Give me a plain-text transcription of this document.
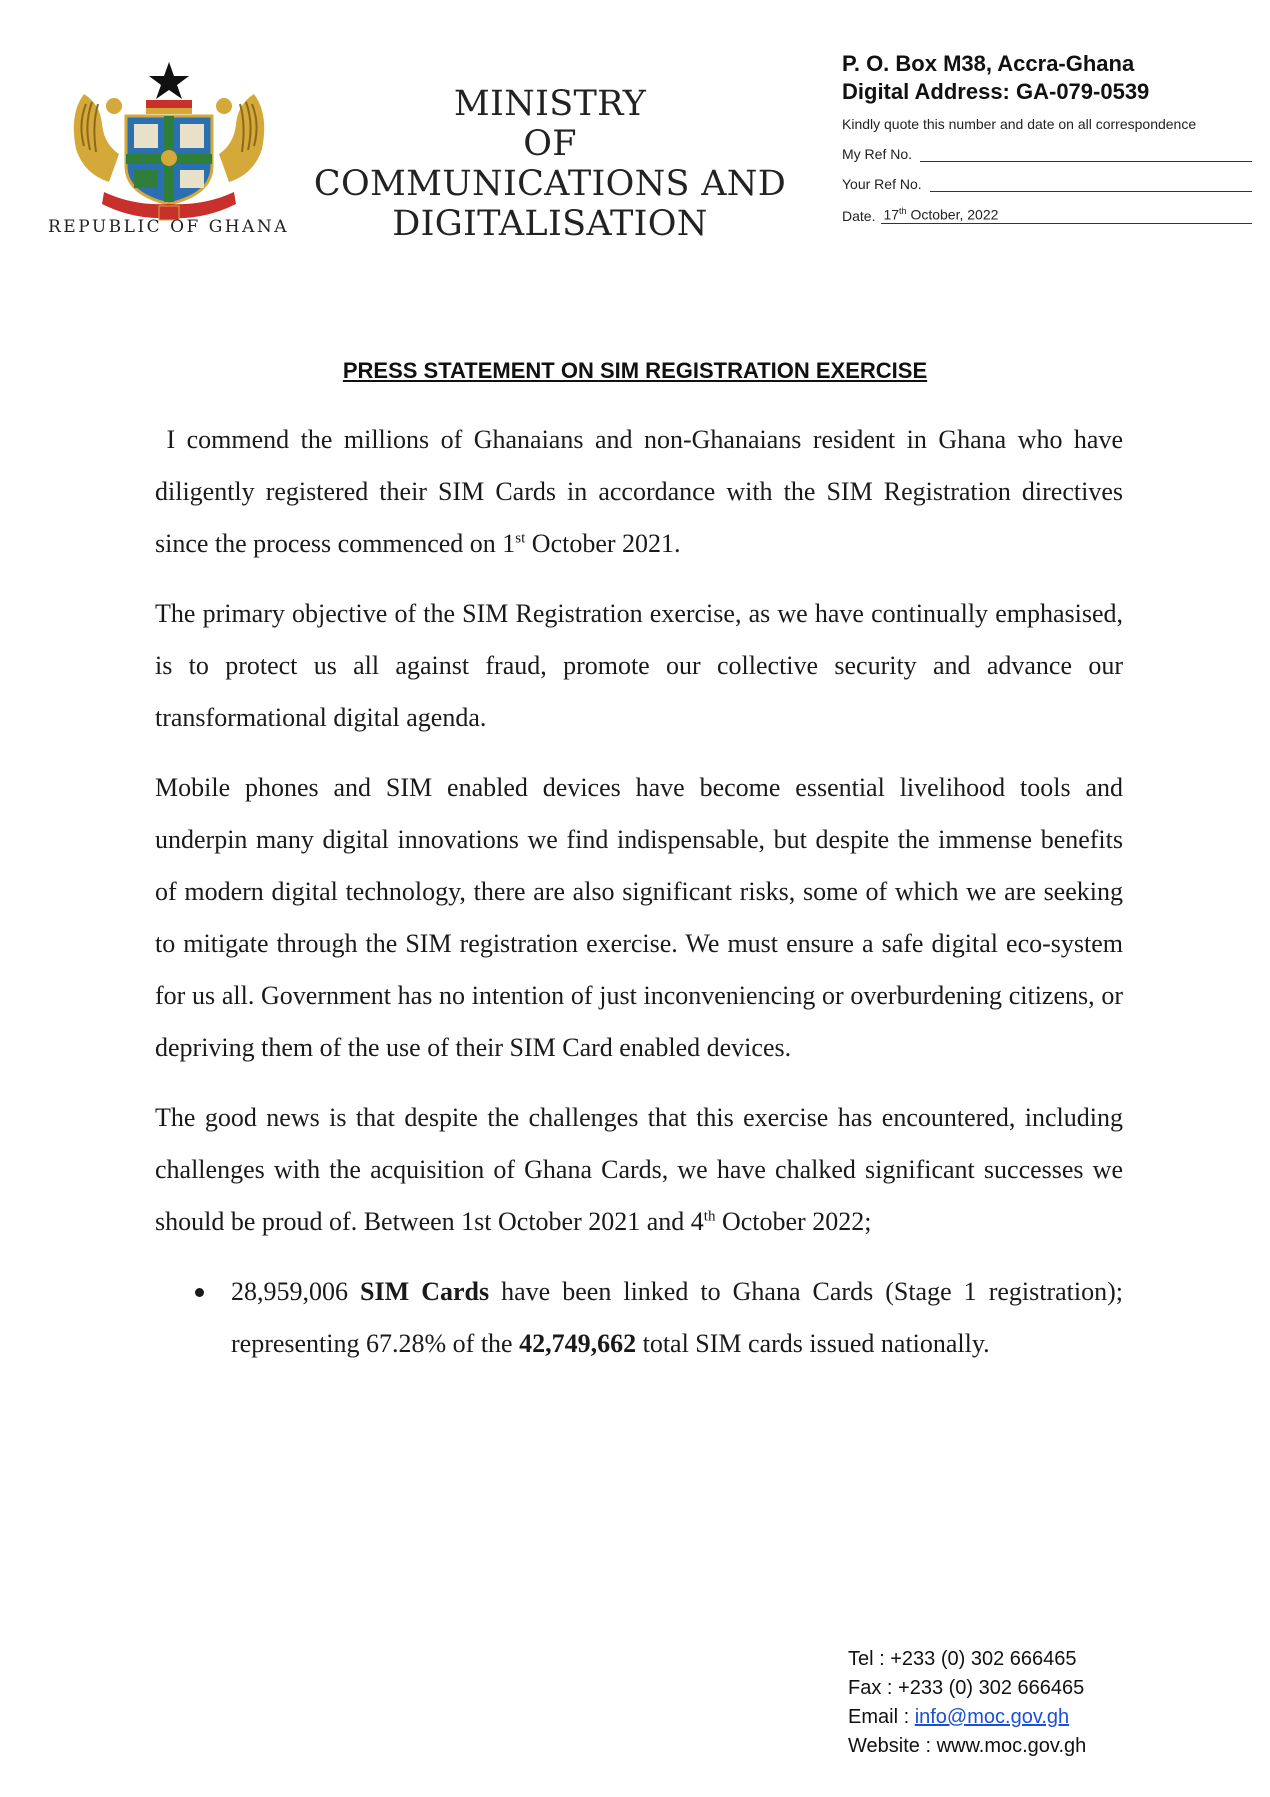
REPUBLIC OF GHANA
MINISTRY
OF
COMMUNICATIONS AND
DIGITALISATION
P. O. Box M38, Accra-Ghana
Digital Address: GA-079-0539
Kindly quote this number and date on all correspondence
My Ref No.
Your Ref No.
Date. 17th October, 2022
PRESS STATEMENT ON SIM REGISTRATION EXERCISE

I commend the millions of Ghanaians and non-Ghanaians resident in Ghana who have diligently registered their SIM Cards in accordance with the SIM Registration directives since the process commenced on 1st October 2021.

The primary objective of the SIM Registration exercise, as we have continually emphasised, is to protect us all against fraud, promote our collective security and advance our transformational digital agenda.

Mobile phones and SIM enabled devices have become essential livelihood tools and underpin many digital innovations we find indispensable, but despite the immense benefits of modern digital technology, there are also significant risks, some of which we are seeking to mitigate through the SIM registration exercise. We must ensure a safe digital eco-system for us all. Government has no intention of just inconveniencing or overburdening citizens, or depriving them of the use of their SIM Card enabled devices.

The good news is that despite the challenges that this exercise has encountered, including challenges with the acquisition of Ghana Cards, we have chalked significant successes we should be proud of. Between 1st October 2021 and 4th October 2022;

28,959,006 SIM Cards have been linked to Ghana Cards (Stage 1 registration); representing 67.28% of the 42,749,662 total SIM cards issued nationally.
Tel : +233 (0) 302 666465
Fax : +233 (0) 302 666465
Email : info@moc.gov.gh
Website : www.moc.gov.gh
